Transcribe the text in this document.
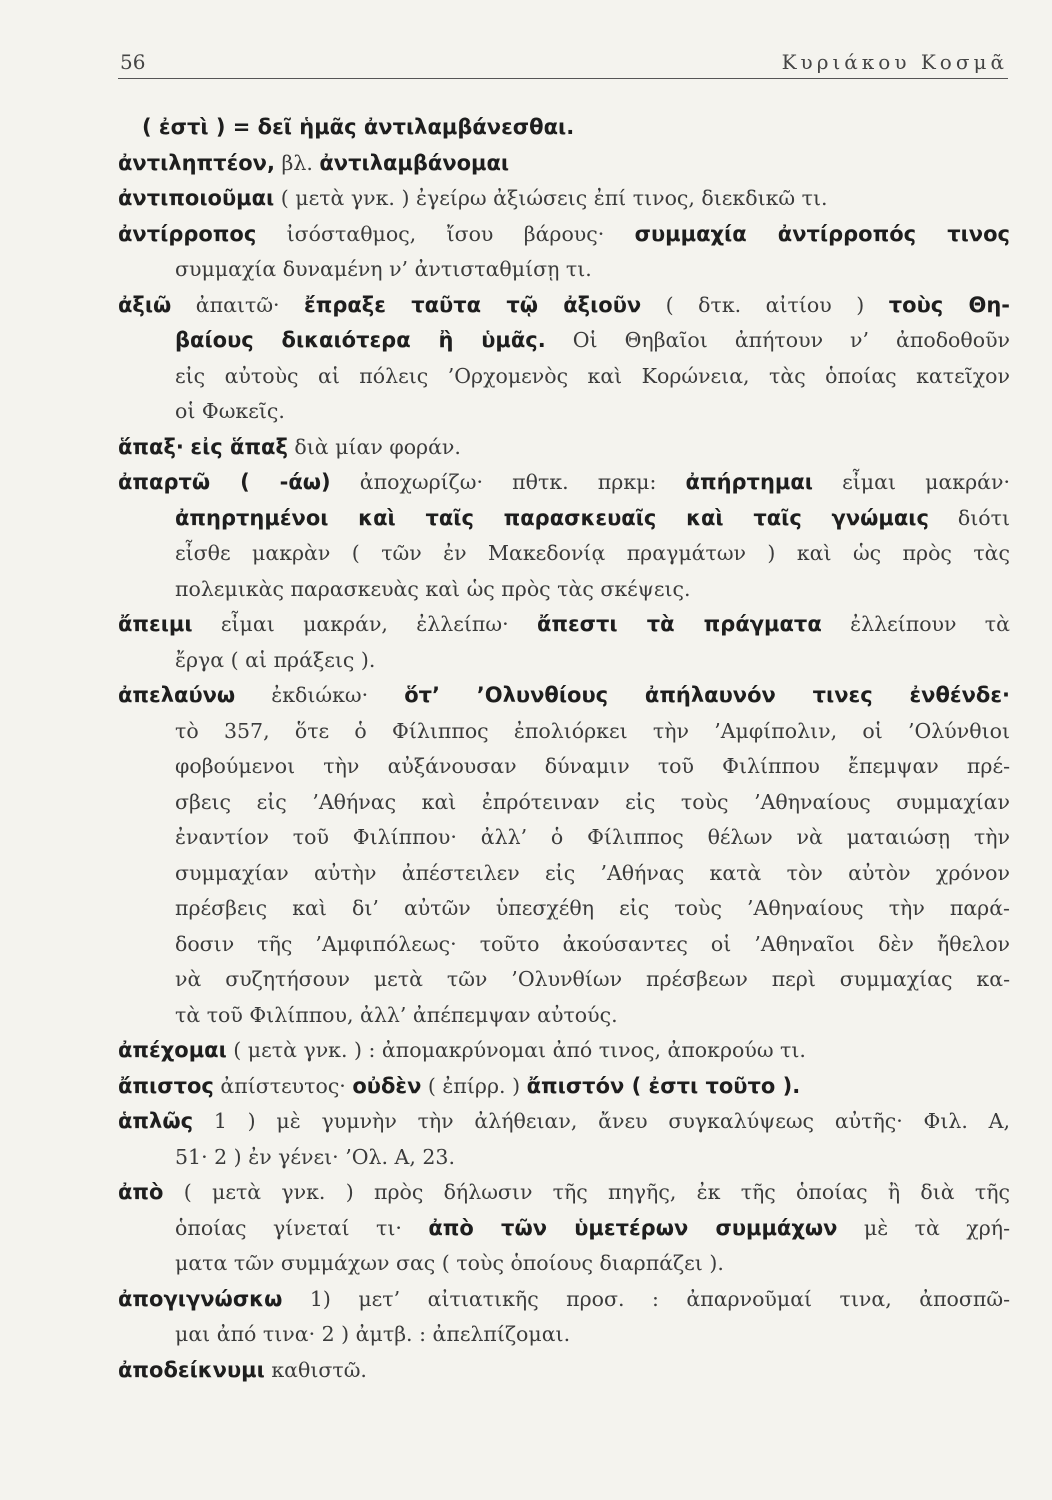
56	Κυριάκου Κοσμᾶ
( ἐστὶ ) = δεῖ ἡμᾶς ἀντιλαμβάνεσθαι.
ἀντιληπτέον, βλ. ἀντιλαμβάνομαι
ἀντιποιοῦμαι ( μετὰ γνκ. ) ἐγείρω ἀξιώσεις ἐπί τινος, διεκδικῶ τι.
ἀντίρροπος ἰσόσταθμος, ἴσου βάρους· συμμαχία ἀντίρροπός τινος
συμμαχία δυναμένη ν’ ἀντισταθμίσῃ τι.
ἀξιῶ ἀπαιτῶ· ἔπραξε ταῦτα τῷ ἀξιοῦν ( δτκ. αἰτίου ) τοὺς Θη-
βαίους δικαιότερα ἢ ὑμᾶς. Οἱ Θηβαῖοι ἀπήτουν ν’ ἀποδοθοῦν
εἰς αὐτοὺς αἱ πόλεις ’Ορχομενὸς καὶ Κορώνεια, τὰς ὁποίας κατεῖχον
οἱ Φωκεῖς.
ἅπαξ· εἰς ἅπαξ διὰ μίαν φοράν.
ἀπαρτῶ ( -άω) ἀποχωρίζω· πθτκ. πρκμ: ἀπήρτημαι εἶμαι μακράν·
ἀπηρτημένοι καὶ ταῖς παρασκευαῖς καὶ ταῖς γνώμαις διότι
εἶσθε μακρὰν ( τῶν ἐν Μακεδονίᾳ πραγμάτων ) καὶ ὡς πρὸς τὰς
πολεμικὰς παρασκευὰς καὶ ὡς πρὸς τὰς σκέψεις.
ἄπειμι εἶμαι μακράν, ἐλλείπω· ἄπεστι τὰ πράγματα ἐλλείπουν τὰ
ἔργα ( αἱ πράξεις ).
ἀπελαύνω ἐκδιώκω· ὅτ’ ’Ολυνθίους ἀπήλαυνόν τινες ἐνθένδε·
τὸ 357, ὅτε ὁ Φίλιππος ἐπολιόρκει τὴν ’Αμφίπολιν, οἱ ’Ολύνθιοι
φοβούμενοι τὴν αὐξάνουσαν δύναμιν τοῦ Φιλίππου ἔπεμψαν πρέ-
σβεις εἰς ’Αθήνας καὶ ἐπρότειναν εἰς τοὺς ’Αθηναίους συμμαχίαν
ἐναντίον τοῦ Φιλίππου· ἀλλ’ ὁ Φίλιππος θέλων νὰ ματαιώσῃ τὴν
συμμαχίαν αὐτὴν ἀπέστειλεν εἰς ’Αθήνας κατὰ τὸν αὐτὸν χρόνον
πρέσβεις καὶ δι’ αὐτῶν ὑπεσχέθη εἰς τοὺς ’Αθηναίους τὴν παρά-
δοσιν τῆς ’Αμφιπόλεως· τοῦτο ἀκούσαντες οἱ ’Αθηναῖοι δὲν ἤθελον
νὰ συζητήσουν μετὰ τῶν ’Ολυνθίων πρέσβεων περὶ συμμαχίας κα-
τὰ τοῦ Φιλίππου, ἀλλ’ ἀπέπεμψαν αὐτούς.
ἀπέχομαι ( μετὰ γνκ. ) : ἀπομακρύνομαι ἀπό τινος, ἀποκρούω τι.
ἄπιστος ἀπίστευτος· οὐδὲν ( ἐπίρρ. ) ἄπιστόν ( ἐστι τοῦτο ).
ἁπλῶς 1 ) μὲ γυμνὴν τὴν ἀλήθειαν, ἄνευ συγκαλύψεως αὐτῆς· Φιλ. Α,
51· 2 ) ἐν γένει· ’Ολ. Α, 23.
ἀπὸ ( μετὰ γνκ. ) πρὸς δήλωσιν τῆς πηγῆς, ἐκ τῆς ὁποίας ἢ διὰ τῆς
ὁποίας γίνεταί τι· ἀπὸ τῶν ὑμετέρων συμμάχων μὲ τὰ χρή-
ματα τῶν συμμάχων σας ( τοὺς ὁποίους διαρπάζει ).
ἀπογιγνώσκω 1) μετ’ αἰτιατικῆς προσ. : ἀπαρνοῦμαί τινα, ἀποσπῶ-
μαι ἀπό τινα· 2 ) ἀμτβ. : ἀπελπίζομαι.
ἀποδείκνυμι καθιστῶ.
